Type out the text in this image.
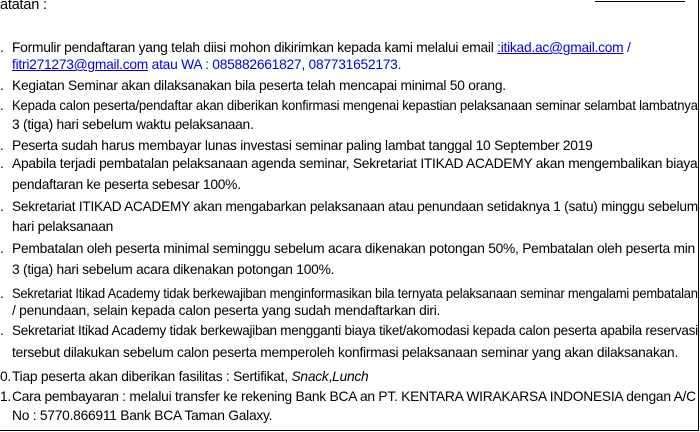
atatan :
. Formulir pendaftaran yang telah diisi mohon dikirimkan kepada kami melalui email :itikad.ac@gmail.com /
fitri271273@gmail.com atau WA : 085882661827, 087731652173.
. Kegiatan Seminar akan dilaksanakan bila peserta telah mencapai minimal 50 orang.
. Kepada calon peserta/pendaftar akan diberikan konfirmasi mengenai kepastian pelaksanaan seminar selambat lambatnya
3 (tiga) hari sebelum waktu pelaksanaan.
. Peserta sudah harus membayar lunas investasi seminar paling lambat tanggal 10 September 2019
. Apabila terjadi pembatalan pelaksanaan agenda seminar, Sekretariat ITIKAD ACADEMY akan mengembalikan biaya
pendaftaran ke peserta sebesar 100%.
. Sekretariat ITIKAD ACADEMY akan mengabarkan pelaksanaan atau penundaan setidaknya 1 (satu) minggu sebelum
hari pelaksanaan
. Pembatalan oleh peserta minimal seminggu sebelum acara dikenakan potongan 50%, Pembatalan oleh peserta min
3 (tiga) hari sebelum acara dikenakan potongan 100%.
. Sekretariat Itikad Academy tidak berkewajiban menginformasikan bila ternyata pelaksanaan seminar mengalami pembatalan
/ penundaan, selain kepada calon peserta yang sudah mendaftarkan diri.
. Sekretariat Itikad Academy tidak berkewajiban mengganti biaya tiket/akomodasi kepada calon peserta apabila reservasi
tersebut dilakukan sebelum calon peserta memperoleh konfirmasi pelaksanaan seminar yang akan dilaksanakan.
0. Tiap peserta akan diberikan fasilitas : Sertifikat, Snack,Lunch
1. Cara pembayaran : melalui transfer ke rekening Bank BCA an PT. KENTARA WIRAKARSA INDONESIA dengan A/C
No : 5770.866911 Bank BCA Taman Galaxy.
